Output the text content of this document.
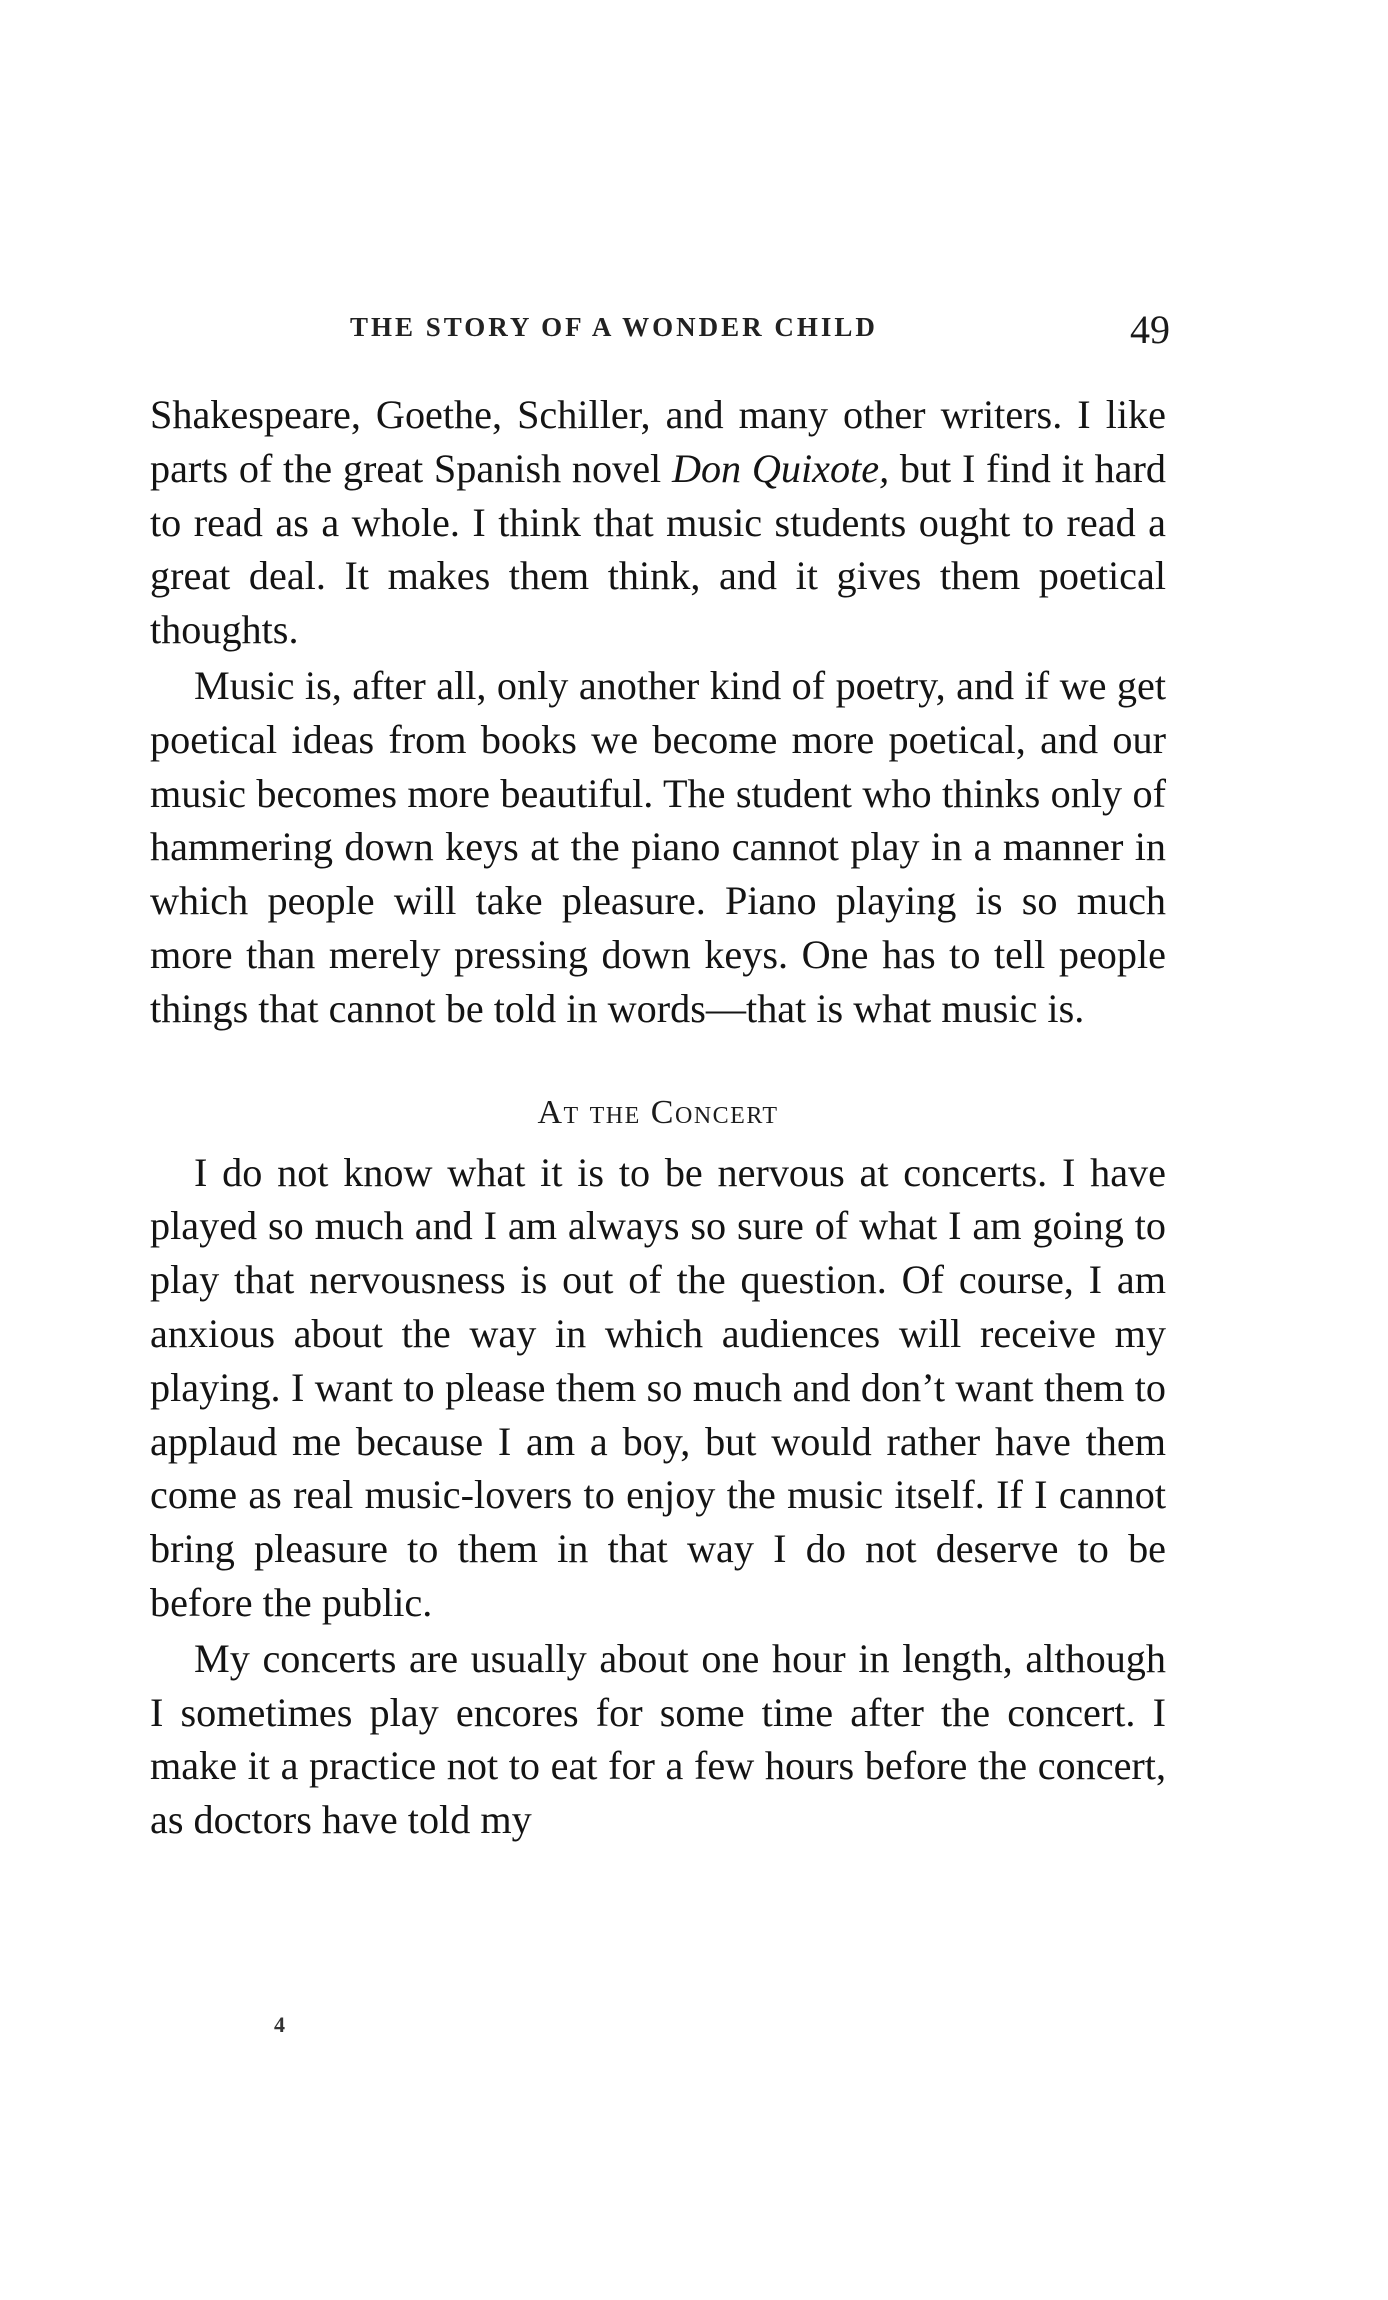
THE STORY OF A WONDER CHILD	49

Shakespeare, Goethe, Schiller, and many other writers. I like parts of the great Spanish novel Don Quixote, but I find it hard to read as a whole. I think that music students ought to read a great deal. It makes them think, and it gives them poetical thoughts.

Music is, after all, only another kind of poetry, and if we get poetical ideas from books we become more poetical, and our music becomes more beautiful. The student who thinks only of hammering down keys at the piano cannot play in a manner in which people will take pleasure. Piano playing is so much more than merely pressing down keys. One has to tell people things that cannot be told in words—that is what music is.

At the Concert

I do not know what it is to be nervous at concerts. I have played so much and I am always so sure of what I am going to play that nervousness is out of the question. Of course, I am anxious about the way in which audiences will receive my playing. I want to please them so much and don’t want them to applaud me because I am a boy, but would rather have them come as real music-lovers to enjoy the music itself. If I cannot bring pleasure to them in that way I do not deserve to be before the public.

My concerts are usually about one hour in length, although I sometimes play encores for some time after the concert. I make it a practice not to eat for a few hours before the concert, as doctors have told my

4
